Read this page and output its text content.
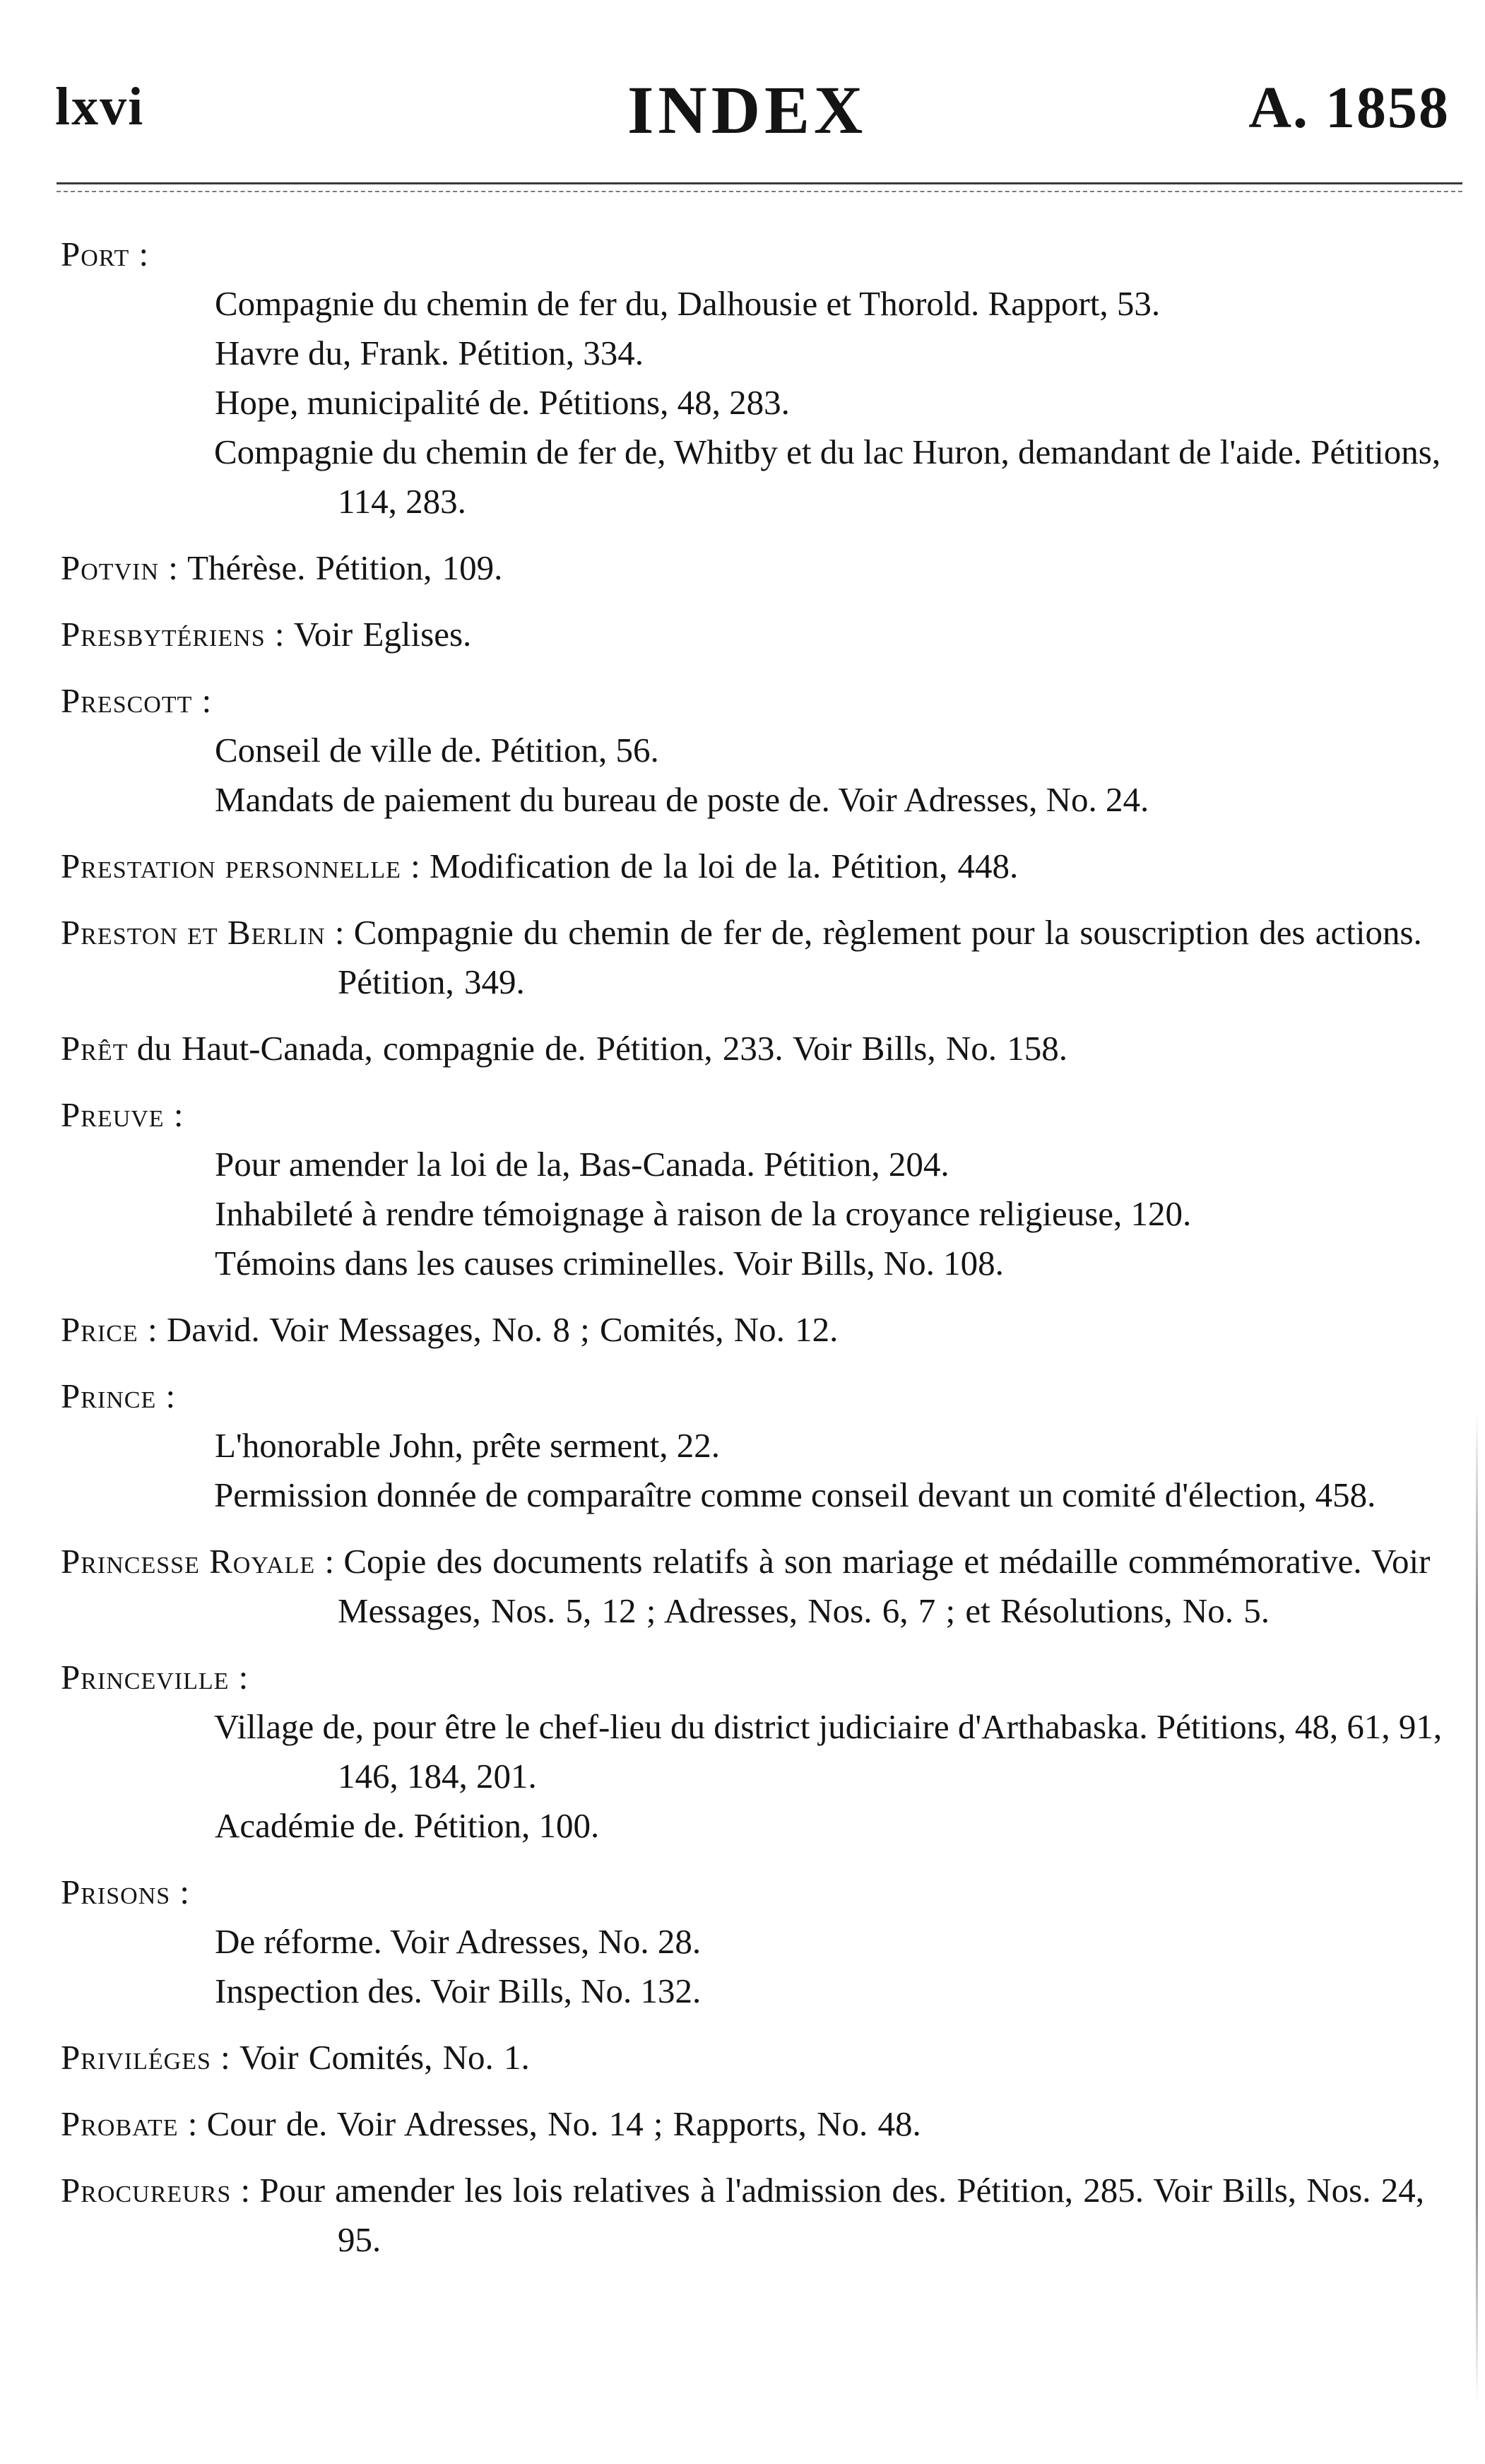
lxvi	INDEX	A. 1858
Port :
Compagnie du chemin de fer du, Dalhousie et Thorold. Rapport, 53.
Havre du, Frank. Pétition, 334.
Hope, municipalité de. Pétitions, 48, 283.
Compagnie du chemin de fer de, Whitby et du lac Huron, demandant de l'aide. Pétitions, 114, 283.
Potvin : Thérèse. Pétition, 109.
Presbytériens : Voir Eglises.
Prescott :
Conseil de ville de. Pétition, 56.
Mandats de paiement du bureau de poste de. Voir Adresses, No. 24.
Prestation personnelle : Modification de la loi de la. Pétition, 448.
Preston et Berlin : Compagnie du chemin de fer de, règlement pour la souscription des actions. Pétition, 349.
Prêt du Haut-Canada, compagnie de. Pétition, 233. Voir Bills, No. 158.
Preuve :
Pour amender la loi de la, Bas-Canada. Pétition, 204.
Inhabileté à rendre témoignage à raison de la croyance religieuse, 120.
Témoins dans les causes criminelles. Voir Bills, No. 108.
Price : David. Voir Messages, No. 8 ; Comités, No. 12.
Prince :
L'honorable John, prête serment, 22.
Permission donnée de comparaître comme conseil devant un comité d'élection, 458.
Princesse Royale : Copie des documents relatifs à son mariage et médaille commémorative. Voir Messages, Nos. 5, 12 ; Adresses, Nos. 6, 7 ; et Résolutions, No. 5.
Princeville :
Village de, pour être le chef-lieu du district judiciaire d'Arthabaska. Pétitions, 48, 61, 91, 146, 184, 201.
Académie de. Pétition, 100.
Prisons :
De réforme. Voir Adresses, No. 28.
Inspection des. Voir Bills, No. 132.
Priviléges : Voir Comités, No. 1.
Probate : Cour de. Voir Adresses, No. 14 ; Rapports, No. 48.
Procureurs : Pour amender les lois relatives à l'admission des. Pétition, 285. Voir Bills, Nos. 24, 95.
